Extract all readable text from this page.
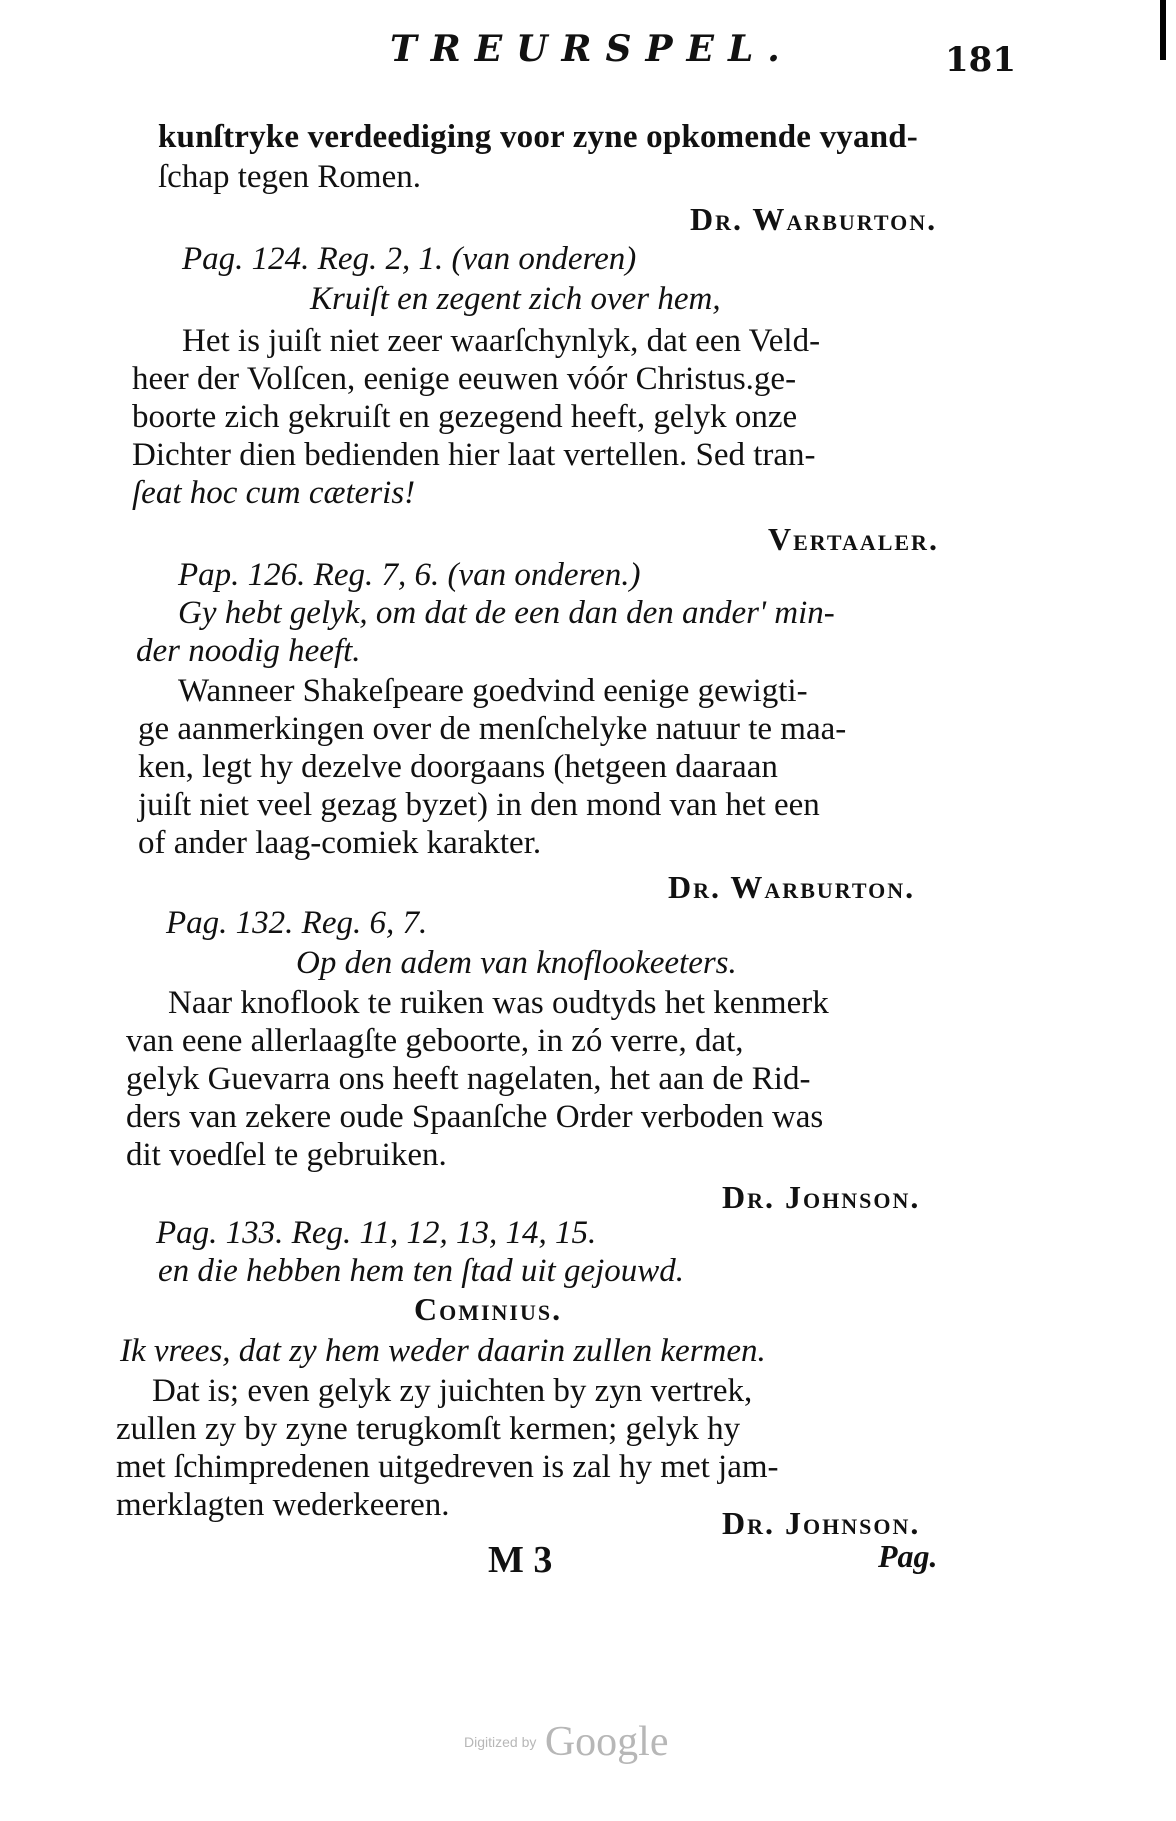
TREURSPEL.	181
kunſtryke verdeediging voor zyne opkomende vyand-
ſchap tegen Romen.
Dr. Warburton.
Pag. 124. Reg. 2, 1. (van onderen)
Kruiſt en zegent zich over hem,
Het is juiſt niet zeer waarſchynlyk, dat een Veld-
heer der Volſcen, eenige eeuwen vóór Christus.ge-
boorte zich gekruiſt en gezegend heeft, gelyk onze
Dichter dien bedienden hier laat vertellen. Sed tran-
ſeat hoc cum cæteris!
Vertaaler.
Pap. 126. Reg. 7, 6. (van onderen.)
Gy hebt gelyk, om dat de een dan den ander' min-
der noodig heeft.
Wanneer Shakeſpeare goedvind eenige gewigti-
ge aanmerkingen over de menſchelyke natuur te maa-
ken, legt hy dezelve doorgaans (hetgeen daaraan
juiſt niet veel gezag byzet) in den mond van het een
of ander laag-comiek karakter.
Dr. Warburton.
Pag. 132. Reg. 6, 7.
Op den adem van knoflookeeters.
Naar knoflook te ruiken was oudtyds het kenmerk
van eene allerlaagſte geboorte, in zó verre, dat,
gelyk Guevarra ons heeft nagelaten, het aan de Rid-
ders van zekere oude Spaanſche Order verboden was
dit voedſel te gebruiken.
Dr. Johnson.
Pag. 133. Reg. 11, 12, 13, 14, 15.
en die hebben hem ten ſtad uit gejouwd.
Cominius.
Ik vrees, dat zy hem weder daarin zullen kermen.
Dat is; even gelyk zy juichten by zyn vertrek,
zullen zy by zyne terugkomſt kermen; gelyk hy
met ſchimpredenen uitgedreven is zal hy met jam-
merklagten wederkeeren.	Dr. Johnson.
M 3	Pag.
Digitized by Google
